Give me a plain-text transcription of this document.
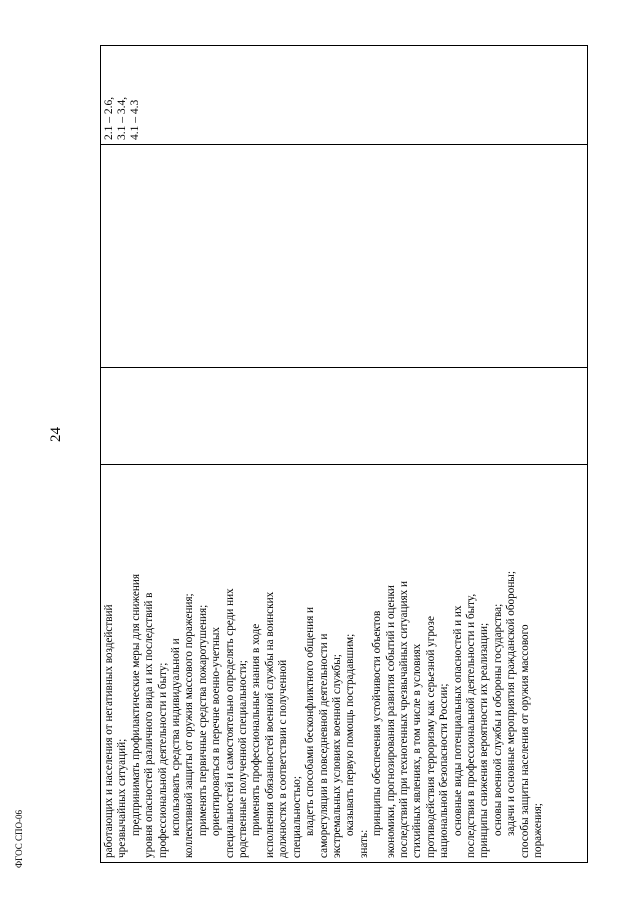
24
работающих и населения от негативных воздействий чрезвычайных ситуаций; предпринимать профилактические меры для снижения уровня опасностей различного вида и их последствий в профессиональной деятельности и быту; использовать средства индивидуальной и коллективной защиты от оружия массового поражения; применять первичные средства пожаротушения; ориентироваться в перечне военно-учетных специальностей и самостоятельно определять среди них родственные полученной специальности; применять профессиональные знания в ходе исполнения обязанностей военной службы на воинских должностях в соответствии с полученной специальностью; владеть способами бесконфликтного общения и саморегуляции в повседневной деятельности и экстремальных условиях военной службы; оказывать первую помощь пострадавшим;
знать:
принципы обеспечения устойчивости объектов экономики, прогнозирования развития событий и оценки последствий при техногенных чрезвычайных ситуациях и стихийных явлениях, в том числе в условиях противодействия терроризму как серьезной угрозе национальной безопасности России; основные виды потенциальных опасностей и их последствия в профессиональной деятельности и быту, принципы снижения вероятности их реализации; основы военной службы и обороны государства; задачи и основные мероприятия гражданской обороны; способы защиты населения от оружия массового поражения;
2.1 – 2.6, 3.1 – 3.4, 4.1 – 4.3
ФГОС СПО-06
